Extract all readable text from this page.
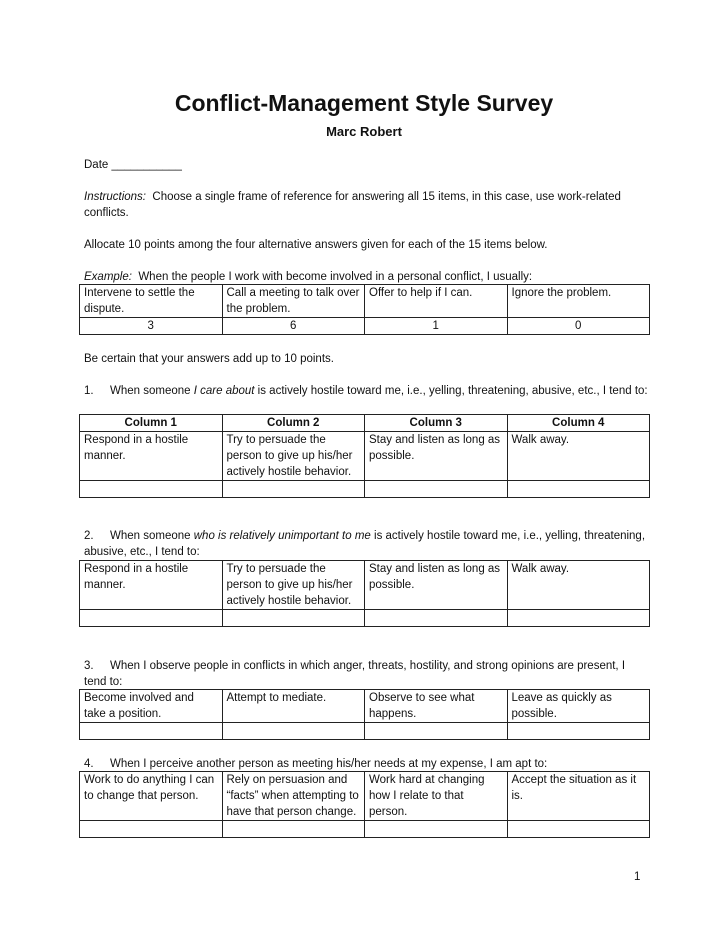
Conflict-Management Style Survey
Marc Robert
Date ___________
Instructions: Choose a single frame of reference for answering all 15 items, in this case, use work-related conflicts.
Allocate 10 points among the four alternative answers given for each of the 15 items below.
Example: When the people I work with become involved in a personal conflict, I usually:
Intervene to settle the dispute.	Call a meeting to talk over the problem.	Offer to help if I can.	Ignore the problem.
3	6	1	0
Be certain that your answers add up to 10 points.
1. When someone I care about is actively hostile toward me, i.e., yelling, threatening, abusive, etc., I tend to:
Column 1	Column 2	Column 3	Column 4
Respond in a hostile manner.	Try to persuade the person to give up his/her actively hostile behavior.	Stay and listen as long as possible.	Walk away.

2. When someone who is relatively unimportant to me is actively hostile toward me, i.e., yelling, threatening, abusive, etc., I tend to:
Respond in a hostile manner.	Try to persuade the person to give up his/her actively hostile behavior.	Stay and listen as long as possible.	Walk away.

3. When I observe people in conflicts in which anger, threats, hostility, and strong opinions are present, I tend to:
Become involved and take a position.	Attempt to mediate.	Observe to see what happens.	Leave as quickly as possible.

4. When I perceive another person as meeting his/her needs at my expense, I am apt to:
Work to do anything I can to change that person.	Rely on persuasion and “facts” when attempting to have that person change.	Work hard at changing how I relate to that person.	Accept the situation as it is.

1
